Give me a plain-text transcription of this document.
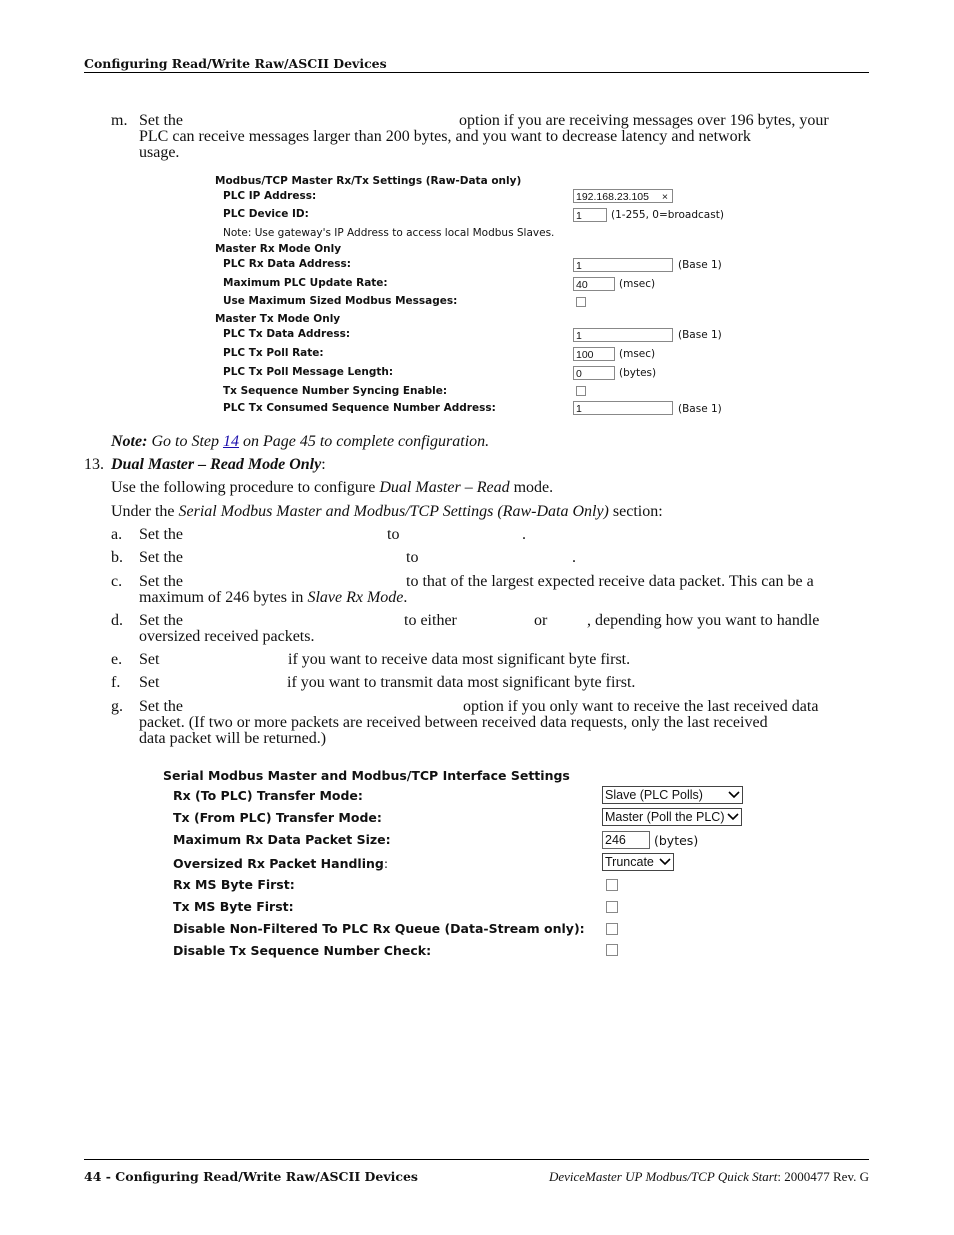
Configuring Read/Write Raw/ASCII Devices
m. Set the	option if you are receiving messages over 196 bytes, your
PLC can receive messages larger than 200 bytes, and you want to decrease latency and network
usage.
Modbus/TCP Master Rx/Tx Settings (Raw-Data only)
PLC IP Address:	192.168.23.105 ×
PLC Device ID:	1	(1-255, 0=broadcast)
Note: Use gateway's IP Address to access local Modbus Slaves.
Master Rx Mode Only
PLC Rx Data Address:	1	(Base 1)
Maximum PLC Update Rate:	40	(msec)
Use Maximum Sized Modbus Messages:
Master Tx Mode Only
PLC Tx Data Address:	1	(Base 1)
PLC Tx Poll Rate:	100	(msec)
PLC Tx Poll Message Length:	0	(bytes)
Tx Sequence Number Syncing Enable:
PLC Tx Consumed Sequence Number Address:	1	(Base 1)
Note: Go to Step 14 on Page 45 to complete configuration.
13. Dual Master – Read Mode Only:
Use the following procedure to configure Dual Master – Read mode.
Under the Serial Modbus Master and Modbus/TCP Settings (Raw-Data Only) section:
a. Set the	to	.
b. Set the	to	.
c. Set the	to that of the largest expected receive data packet. This can be a
maximum of 246 bytes in Slave Rx Mode.
d. Set the	to either	or , depending how you want to handle
oversized received packets.
e. Set	if you want to receive data most significant byte first.
f. Set	if you want to transmit data most significant byte first.
g. Set the	option if you only want to receive the last received data
packet. (If two or more packets are received between received data requests, only the last received
data packet will be returned.)
Serial Modbus Master and Modbus/TCP Interface Settings
Rx (To PLC) Transfer Mode:	Slave (PLC Polls)
Tx (From PLC) Transfer Mode:	Master (Poll the PLC)
Maximum Rx Data Packet Size:	246	(bytes)
Oversized Rx Packet Handling:	Truncate
Rx MS Byte First:
Tx MS Byte First:
Disable Non-Filtered To PLC Rx Queue (Data-Stream only):
Disable Tx Sequence Number Check:
44 - Configuring Read/Write Raw/ASCII Devices	DeviceMaster UP Modbus/TCP Quick Start: 2000477 Rev. G
